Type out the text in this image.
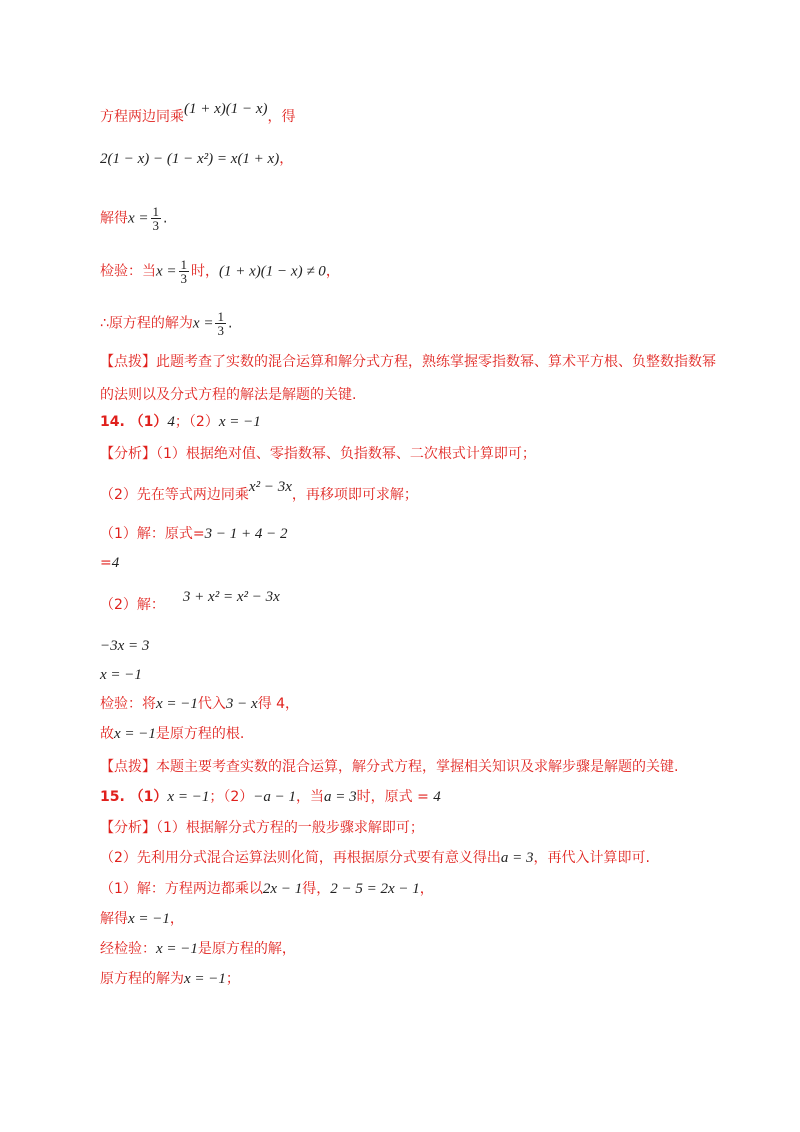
方程两边同乘(1 + x)(1 − x)，得
2(1 − x) − (1 − x²) = x(1 + x)，
解得$x = \frac{1}{3}$ .
检验：当$x = \frac{1}{3}$ 时，(1 + x)(1 − x) ≠ 0，
∴原方程的解为$x = \frac{1}{3}$ .
【点拨】此题考查了实数的混合运算和解分式方程，熟练掌握零指数幂、算术平方根、负整数指数幂
的法则以及分式方程的解法是解题的关键.
14. （1）4；（2）x = −1
【分析】（1）根据绝对值、零指数幂、负指数幂、二次根式计算即可；
（2）先在等式两边同乘x² − 3x，再移项即可求解；
（1）解：原式=3 − 1 + 4 − 2
=4
（2）解： 3 + x² = x² − 3x
−3x = 3
x = −1
检验：将x = −1代入3 − x得 4，
故x = −1是原方程的根.
【点拨】本题主要考查实数的混合运算，解分式方程，掌握相关知识及求解步骤是解题的关键.
15. （1）x = −1；（2）−a − 1，当a = 3时，原式 = 4
【分析】（1）根据解分式方程的一般步骤求解即可；
（2）先利用分式混合运算法则化简，再根据原分式要有意义得出a = 3，再代入计算即可.
（1）解：方程两边都乘以2x − 1得，2 − 5 = 2x − 1，
解得x = −1，
经检验：x = −1是原方程的解，
原方程的解为x = −1；
